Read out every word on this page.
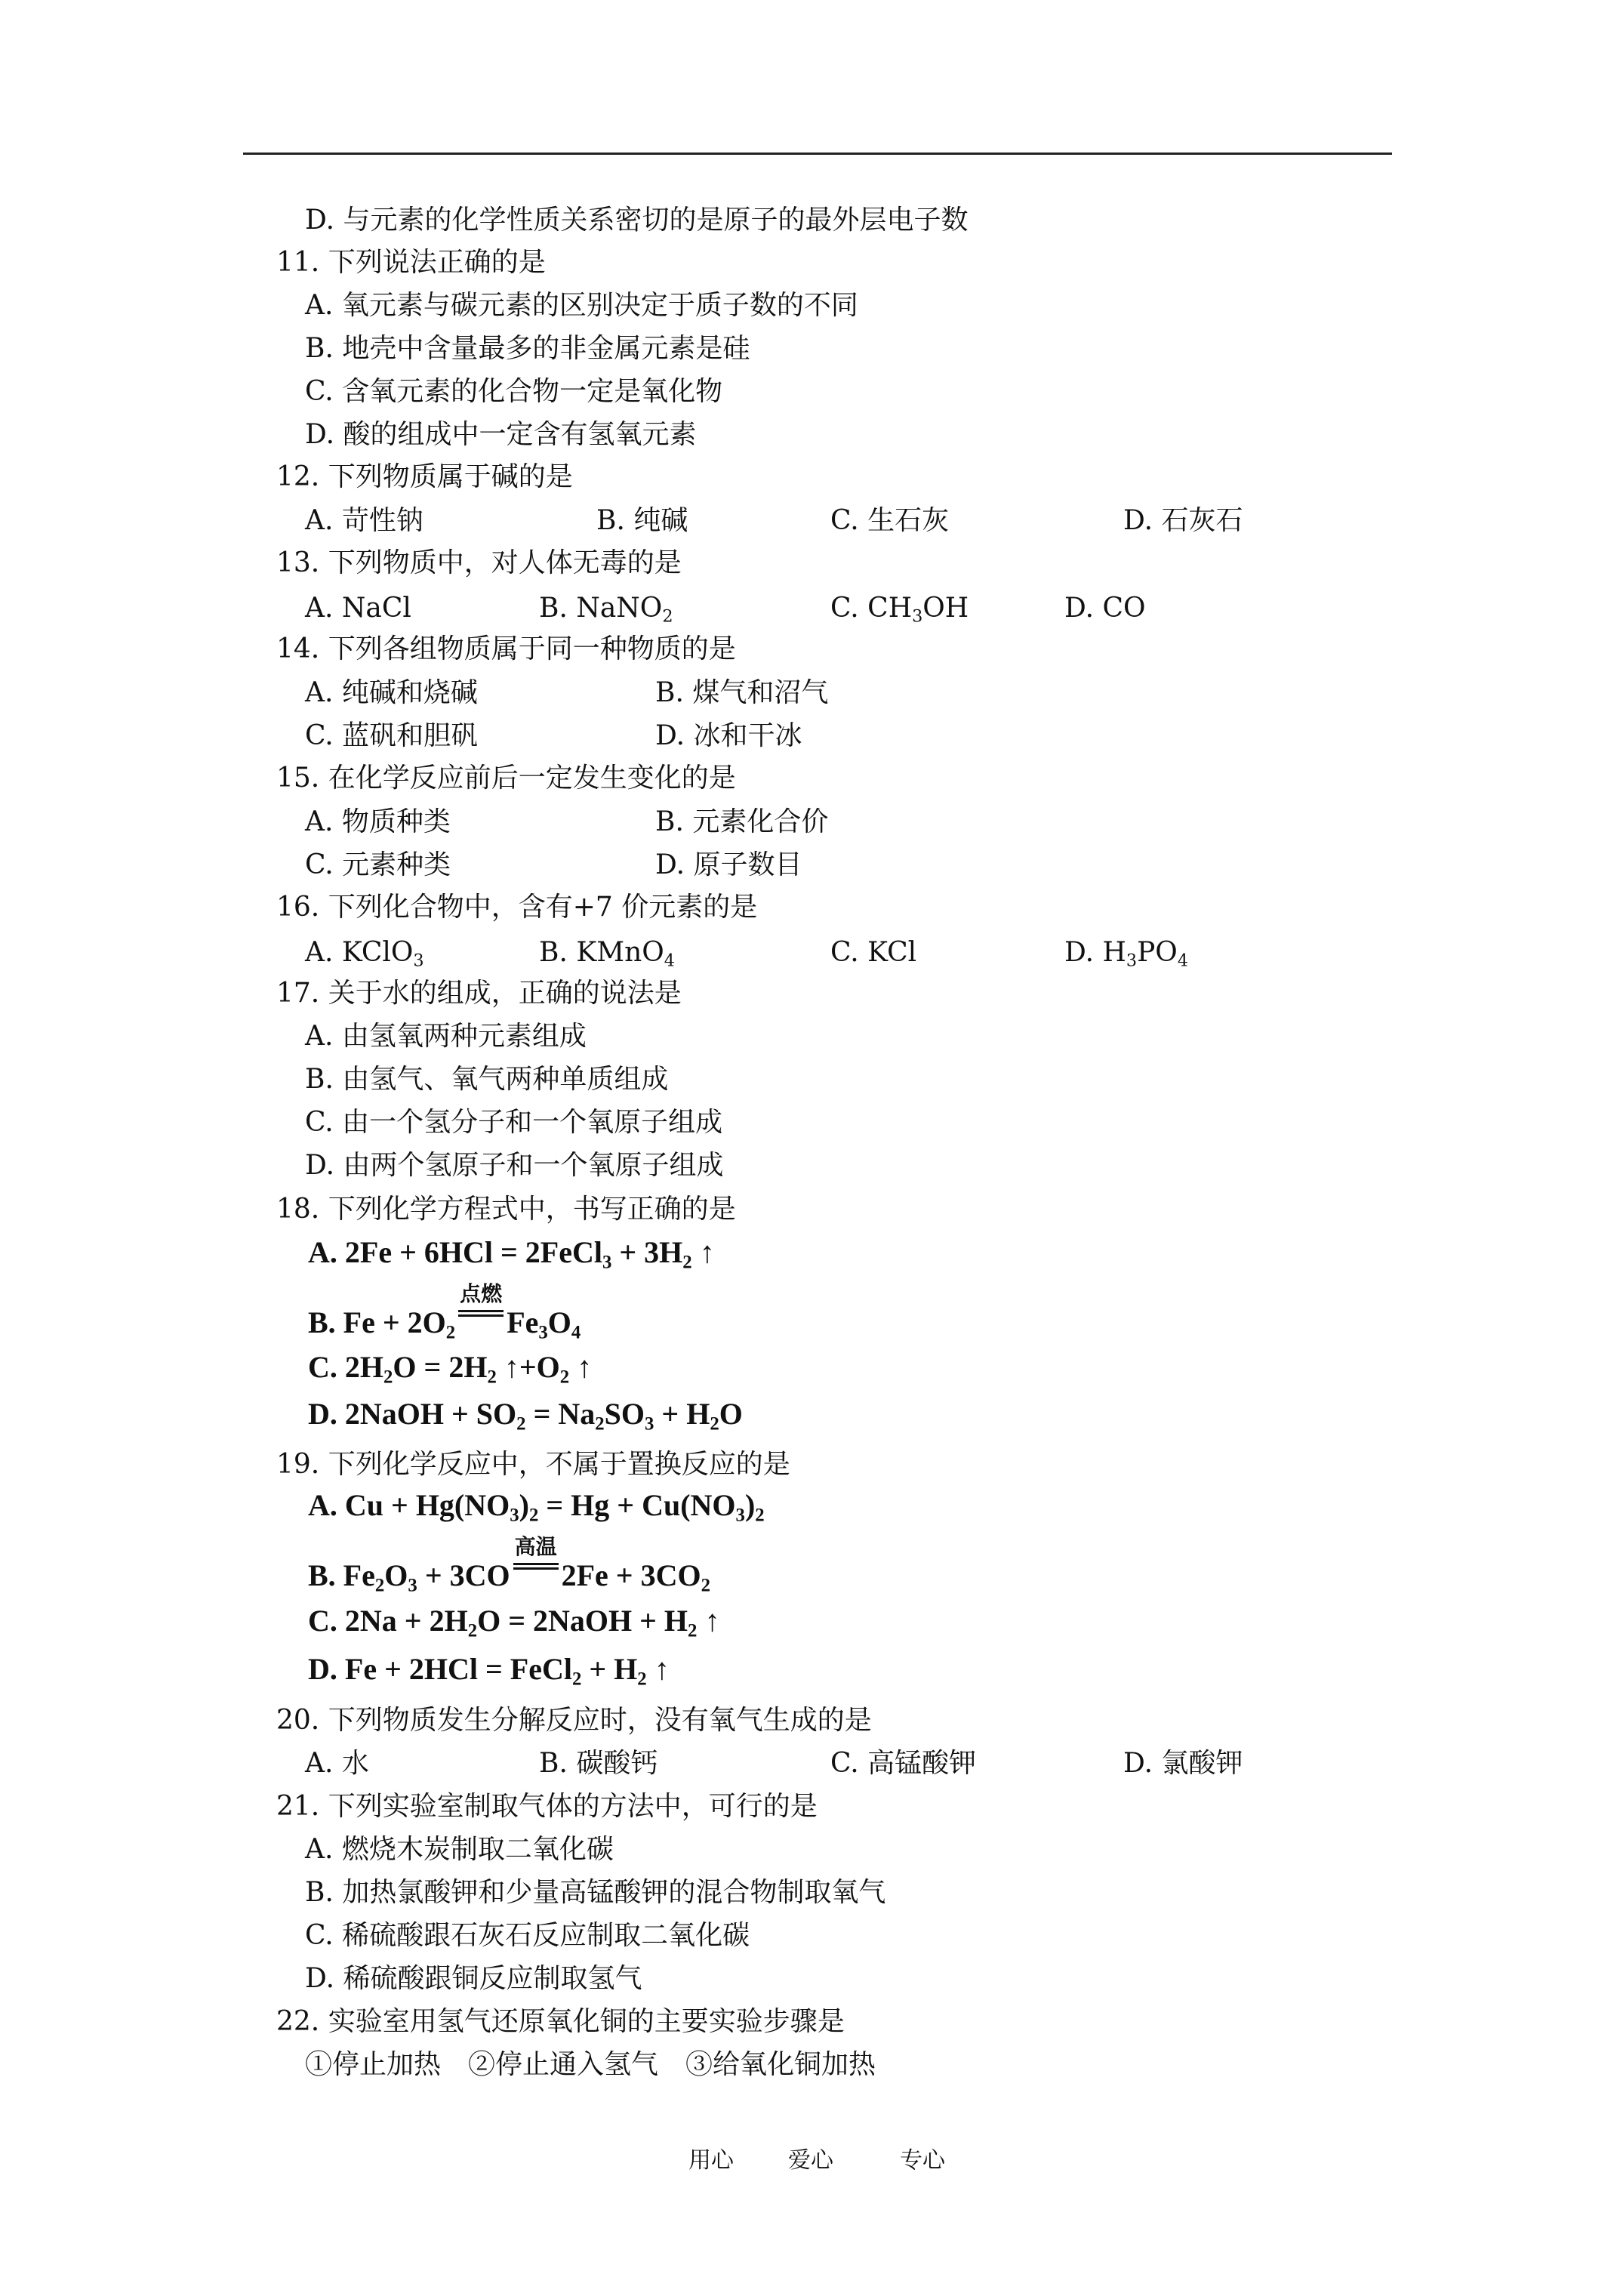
D. 与元素的化学性质关系密切的是原子的最外层电子数
11. 下列说法正确的是
A. 氧元素与碳元素的区别决定于质子数的不同
B. 地壳中含量最多的非金属元素是硅
C. 含氧元素的化合物一定是氧化物
D. 酸的组成中一定含有氢氧元素
12. 下列物质属于碱的是
A. 苛性钠	B. 纯碱	C. 生石灰	D. 石灰石
13. 下列物质中，对人体无毒的是
A. NaCl	B. NaNO$_2$	C. $CH_3OH$	D. CO
14. 下列各组物质属于同一种物质的是
A. 纯碱和烧碱	B. 煤气和沼气
C. 蓝矾和胆矾	D. 冰和干冰
15. 在化学反应前后一定发生变化的是
A. 物质种类	B. 元素化合价
C. 元素种类	D. 原子数目
16. 下列化合物中，含有+7 价元素的是
A. KClO$_3$	B. KMnO$_4$	C. KCl	D. $H_3PO_4$
17. 关于水的组成，正确的说法是
A. 由氢氧两种元素组成
B. 由氢气、氧气两种单质组成
C. 由一个氢分子和一个氧原子组成
D. 由两个氢原子和一个氧原子组成
18. 下列化学方程式中，书写正确的是
A. 2Fe + 6HCl = 2FeCl$_3$ + $3H_2$ ↑
B. $Fe + 2O_2$
点燃
$Fe_3O_4$
C. $2H_2O = 2H_2$ $↑+O_2$ ↑
D. 2NaOH + $SO_2 = Na_2SO_3 + H_2O$
19. 下列化学反应中，不属于置换反应的是
A. $Cu + Hg(NO_3)_2 = Hg + Cu(NO_3)_2$
B. $Fe_2O_3 + 3CO$
高温
$2Fe + 3CO_2$
C. $2Na + 2H_2O$ = 2NaOH + $H_2$ ↑
D. Fe + 2HCl = FeCl$_2$ + $H_2$ ↑
20. 下列物质发生分解反应时，没有氧气生成的是
A. 水	B. 碳酸钙	C. 高锰酸钾	D. 氯酸钾
21. 下列实验室制取气体的方法中，可行的是
A. 燃烧木炭制取二氧化碳
B. 加热氯酸钾和少量高锰酸钾的混合物制取氧气
C. 稀硫酸跟石灰石反应制取二氧化碳
D. 稀硫酸跟铜反应制取氢气
22. 实验室用氢气还原氧化铜的主要实验步骤是
①停止加热　②停止通入氢气　③给氧化铜加热
用心 爱心	专心
